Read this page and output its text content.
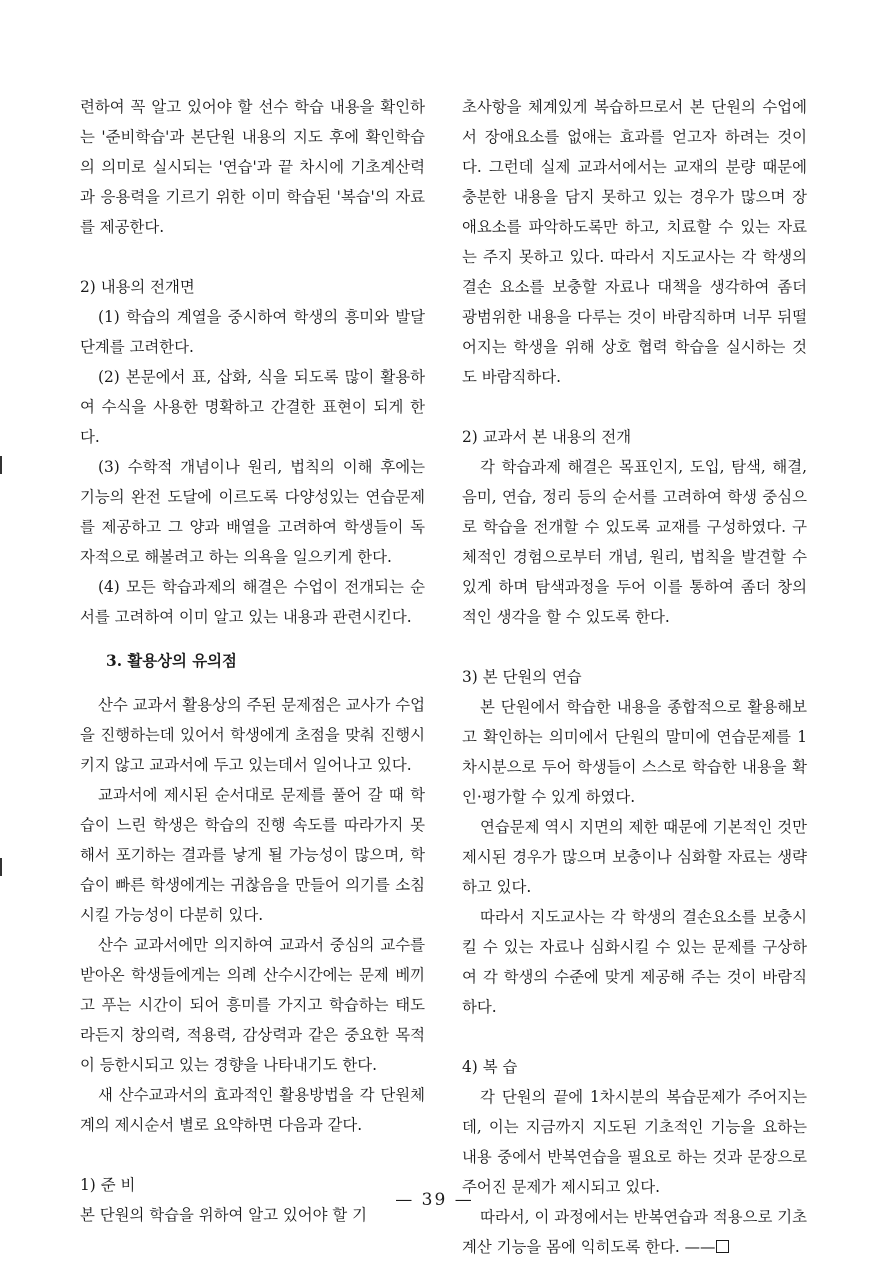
련하여 꼭 알고 있어야 할 선수 학습 내용을 확인하는 '준비학습'과 본단원 내용의 지도 후에 확인학습의 의미로 실시되는 '연습'과 끝 차시에 기초계산력과 응용력을 기르기 위한 이미 학습된 '복습'의 자료를 제공한다.

2) 내용의 전개면

(1) 학습의 계열을 중시하여 학생의 흥미와 발달 단계를 고려한다.

(2) 본문에서 표, 삽화, 식을 되도록 많이 활용하여 수식을 사용한 명확하고 간결한 표현이 되게 한다.

(3) 수학적 개념이나 원리, 법칙의 이해 후에는 기능의 완전 도달에 이르도록 다양성있는 연습문제를 제공하고 그 양과 배열을 고려하여 학생들이 독자적으로 해볼려고 하는 의욕을 일으키게 한다.

(4) 모든 학습과제의 해결은 수업이 전개되는 순서를 고려하여 이미 알고 있는 내용과 관련시킨다.

3. 활용상의 유의점

산수 교과서 활용상의 주된 문제점은 교사가 수업을 진행하는데 있어서 학생에게 초점을 맞춰 진행시키지 않고 교과서에 두고 있는데서 일어나고 있다.

교과서에 제시된 순서대로 문제를 풀어 갈 때 학습이 느린 학생은 학습의 진행 속도를 따라가지 못해서 포기하는 결과를 낳게 될 가능성이 많으며, 학습이 빠른 학생에게는 귀찮음을 만들어 의기를 소침시킬 가능성이 다분히 있다.

산수 교과서에만 의지하여 교과서 중심의 교수를 받아온 학생들에게는 의례 산수시간에는 문제 베끼고 푸는 시간이 되어 흥미를 가지고 학습하는 태도라든지 창의력, 적용력, 감상력과 같은 중요한 목적이 등한시되고 있는 경향을 나타내기도 한다.

새 산수교과서의 효과적인 활용방법을 각 단원체계의 제시순서 별로 요약하면 다음과 같다.

1) 준 비

본 단원의 학습을 위하여 알고 있어야 할 기

초사항을 체계있게 복습하므로서 본 단원의 수업에서 장애요소를 없애는 효과를 얻고자 하려는 것이다. 그런데 실제 교과서에서는 교재의 분량 때문에 충분한 내용을 담지 못하고 있는 경우가 많으며 장애요소를 파악하도록만 하고, 치료할 수 있는 자료는 주지 못하고 있다. 따라서 지도교사는 각 학생의 결손 요소를 보충할 자료나 대책을 생각하여 좀더 광범위한 내용을 다루는 것이 바람직하며 너무 뒤떨어지는 학생을 위해 상호 협력 학습을 실시하는 것도 바람직하다.

2) 교과서 본 내용의 전개

각 학습과제 해결은 목표인지, 도입, 탐색, 해결, 음미, 연습, 정리 등의 순서를 고려하여 학생 중심으로 학습을 전개할 수 있도록 교재를 구성하였다. 구체적인 경험으로부터 개념, 원리, 법칙을 발견할 수 있게 하며 탐색과정을 두어 이를 통하여 좀더 창의적인 생각을 할 수 있도록 한다.

3) 본 단원의 연습

본 단원에서 학습한 내용을 종합적으로 활용해보고 확인하는 의미에서 단원의 말미에 연습문제를 1차시분으로 두어 학생들이 스스로 학습한 내용을 확인·평가할 수 있게 하였다.

연습문제 역시 지면의 제한 때문에 기본적인 것만 제시된 경우가 많으며 보충이나 심화할 자료는 생략하고 있다.

따라서 지도교사는 각 학생의 결손요소를 보충시킬 수 있는 자료나 심화시킬 수 있는 문제를 구상하여 각 학생의 수준에 맞게 제공해 주는 것이 바람직하다.

4) 복 습

각 단원의 끝에 1차시분의 복습문제가 주어지는데, 이는 지금까지 지도된 기초적인 기능을 요하는 내용 중에서 반복연습을 필요로 하는 것과 문장으로 주어진 문제가 제시되고 있다.

따라서, 이 과정에서는 반복연습과 적용으로 기초계산 기능을 몸에 익히도록 한다. ——

— 39 —
